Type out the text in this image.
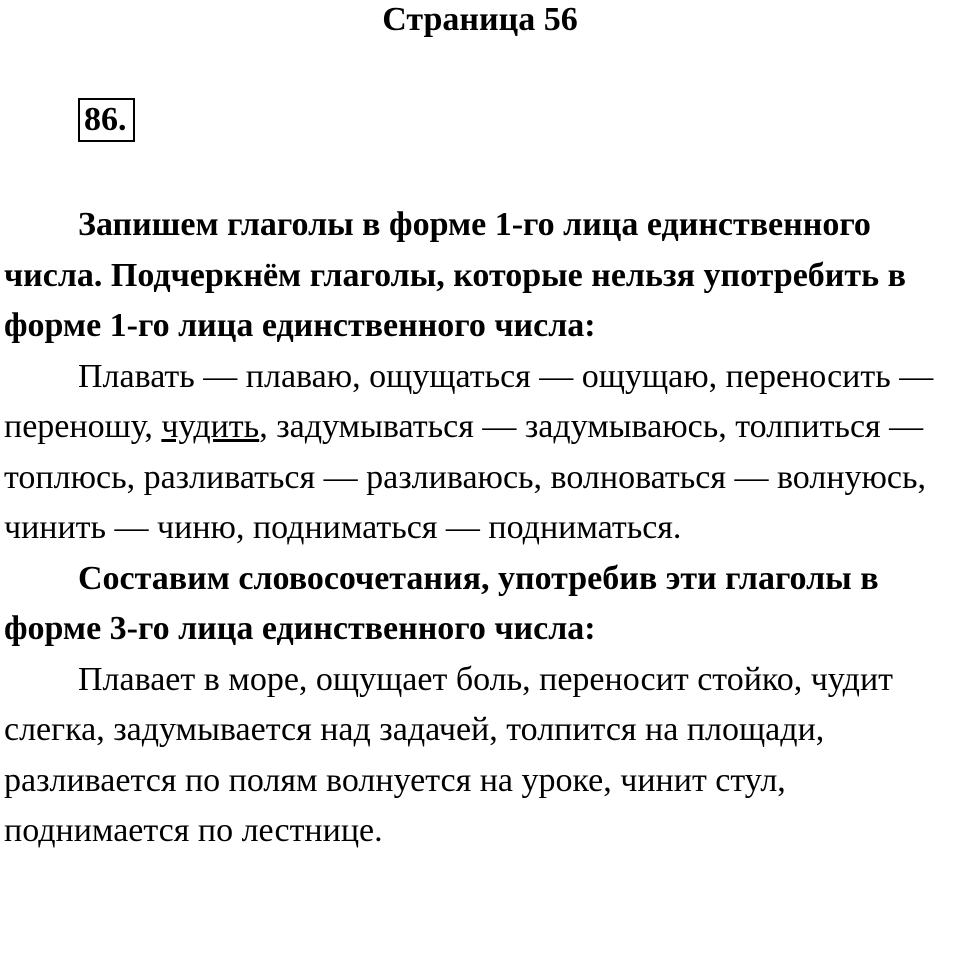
Страница 56
86.

Запишем глаголы в форме 1-го лица единственного числа. Подчеркнём глаголы, которые нельзя употребить в форме 1-го лица единственного числа:

Плавать — плаваю, ощущаться — ощущаю, переносить — переношу, чудить, задумываться — задумываюсь, толпиться — топлюсь, разливаться — разливаюсь, волноваться — волнуюсь, чинить — чиню, подниматься — подниматься.

Составим словосочетания, употребив эти глаголы в форме 3-го лица единственного числа:

Плавает в море, ощущает боль, переносит стойко, чудит слегка, задумывается над задачей, толпится на площади, разливается по полям волнуется на уроке, чинит стул, поднимается по лестнице.
